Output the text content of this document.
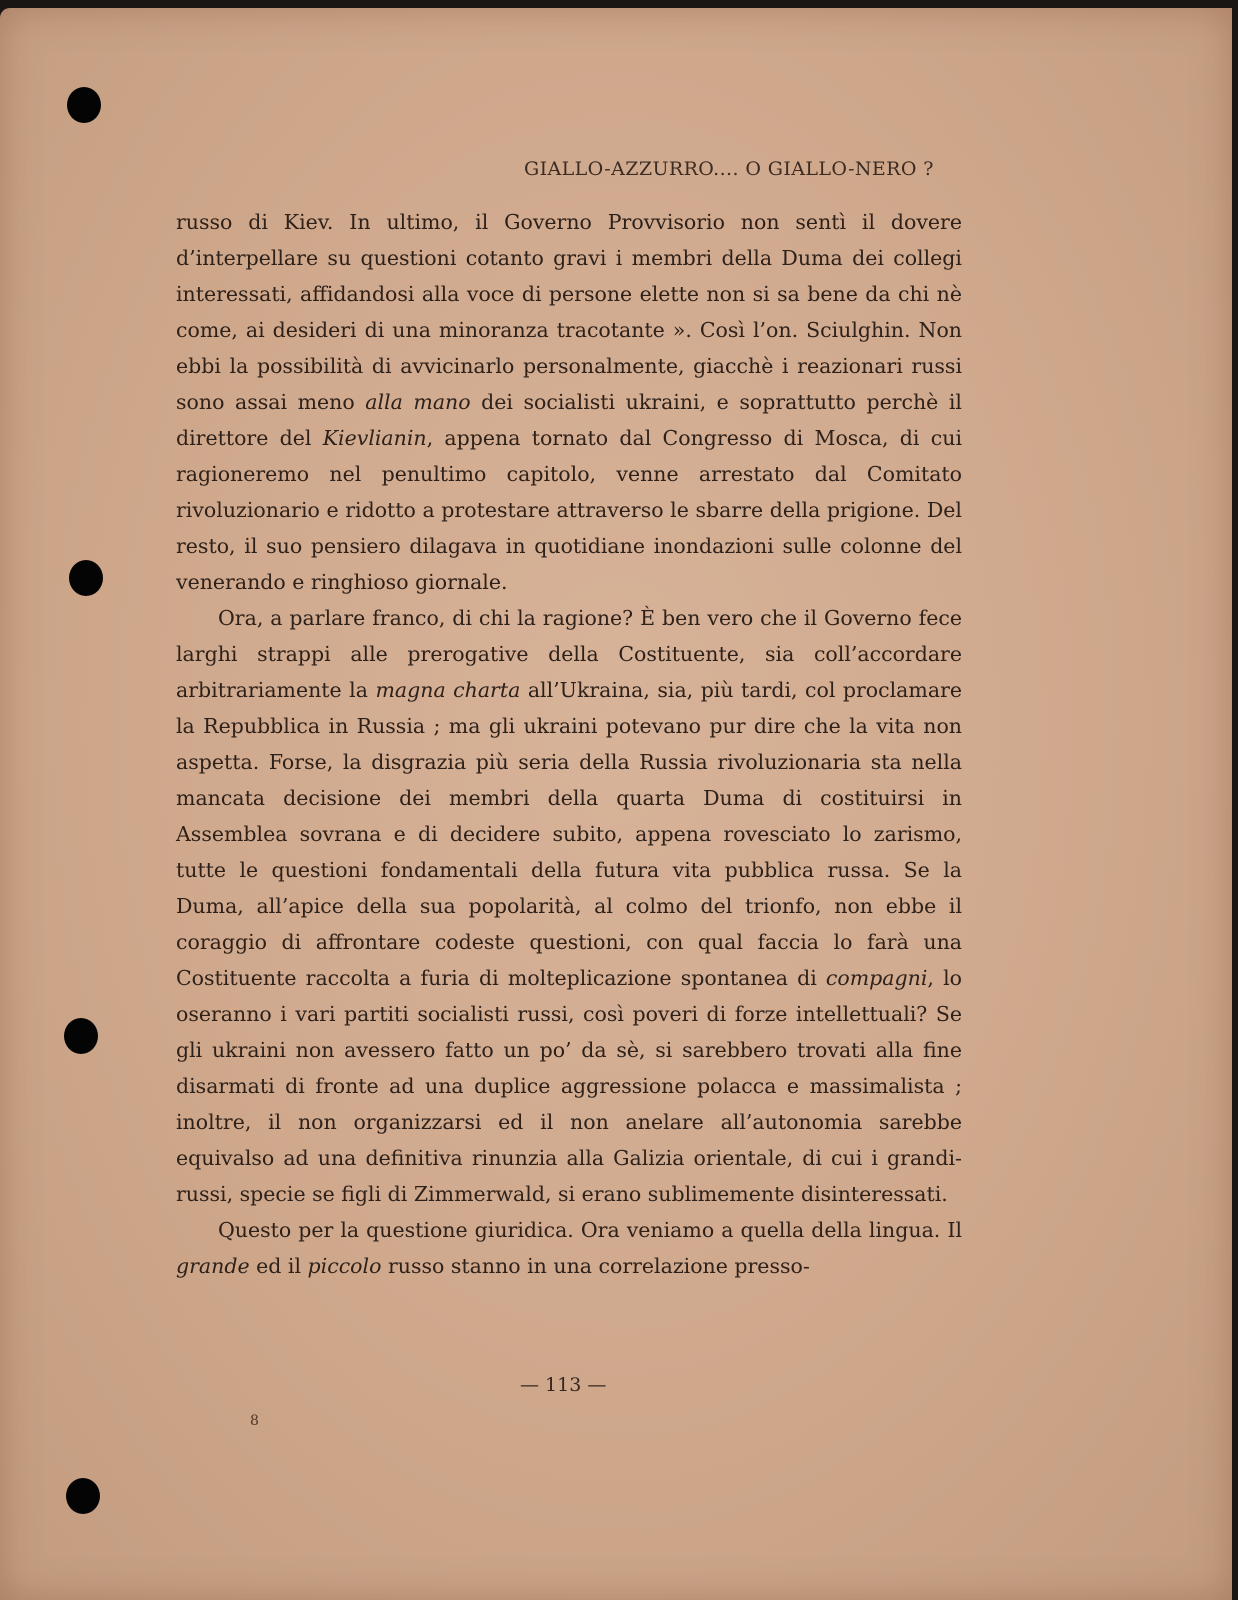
GIALLO-AZZURRO.... O GIALLO-NERO ?

russo di Kiev. In ultimo, il Governo Provvisorio non sentì il dovere d’interpellare su questioni cotanto gravi i membri della Duma dei collegi interessati, affidandosi alla voce di persone elette non si sa bene da chi nè come, ai desideri di una minoranza tracotante ». Così l’on. Sciulghin. Non ebbi la possibilità di avvicinarlo personalmente, giacchè i reazionari russi sono assai meno alla mano dei socialisti ukraini, e soprattutto perchè il direttore del Kievlianin, appena tornato dal Congresso di Mosca, di cui ragioneremo nel penultimo capitolo, venne arrestato dal Comitato rivoluzionario e ridotto a protestare attraverso le sbarre della prigione. Del resto, il suo pensiero dilagava in quotidiane inondazioni sulle colonne del venerando e ringhioso giornale.

Ora, a parlare franco, di chi la ragione? È ben vero che il Governo fece larghi strappi alle prerogative della Costituente, sia coll’accordare arbitrariamente la magna charta all’Ukraina, sia, più tardi, col proclamare la Repubblica in Russia ; ma gli ukraini potevano pur dire che la vita non aspetta. Forse, la disgrazia più seria della Russia rivoluzionaria sta nella mancata decisione dei membri della quarta Duma di costituirsi in Assemblea sovrana e di decidere subito, appena rovesciato lo zarismo, tutte le questioni fondamentali della futura vita pubblica russa. Se la Duma, all’apice della sua popolarità, al colmo del trionfo, non ebbe il coraggio di affrontare codeste questioni, con qual faccia lo farà una Costituente raccolta a furia di molteplicazione spontanea di compagni, lo oseranno i vari partiti socialisti russi, così poveri di forze intellettuali? Se gli ukraini non avessero fatto un po’ da sè, si sarebbero trovati alla fine disarmati di fronte ad una duplice aggressione polacca e massimalista ; inoltre, il non organizzarsi ed il non anelare all’autonomia sarebbe equivalso ad una definitiva rinunzia alla Galizia orientale, di cui i grandi-russi, specie se figli di Zimmerwald, si erano sublimemente disinteressati.

Questo per la questione giuridica. Ora veniamo a quella della lingua. Il grande ed il piccolo russo stanno in una correlazione presso-

— 113 —
8
